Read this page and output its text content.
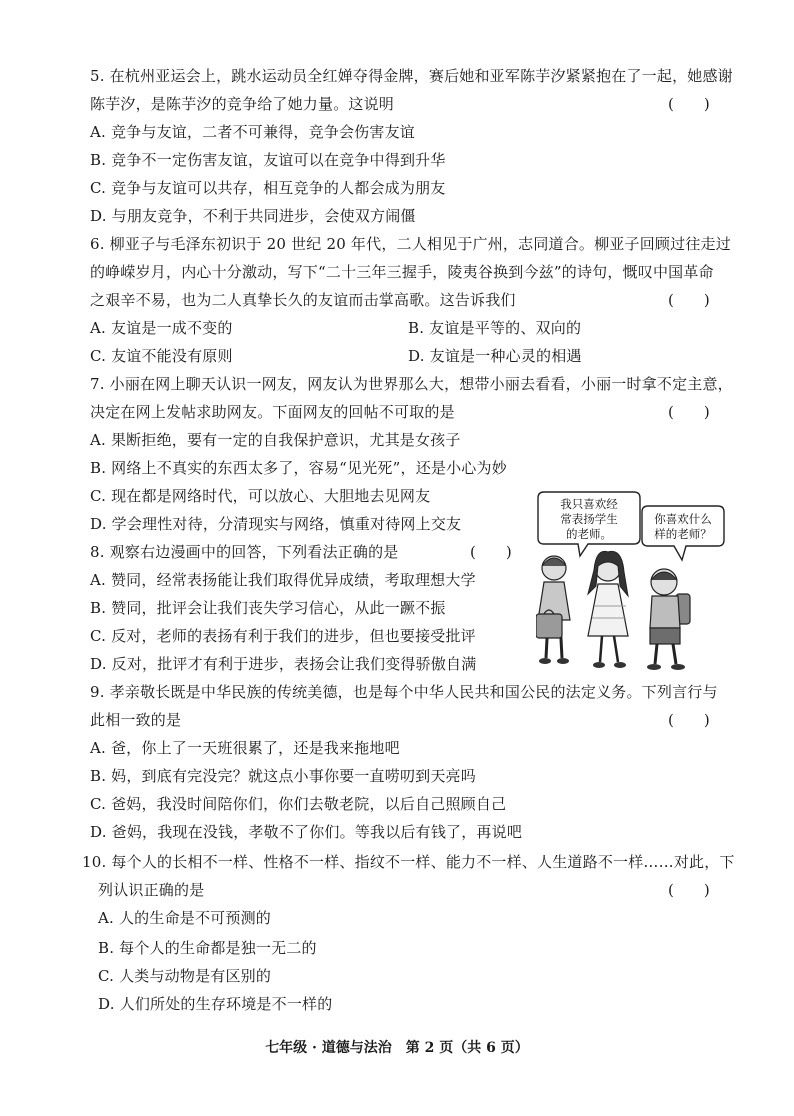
5. 在杭州亚运会上，跳水运动员全红婵夺得金牌，赛后她和亚军陈芋汐紧紧抱在了一起，她感谢
陈芋汐，是陈芋汐的竞争给了她力量。这说明	(　　)
A. 竞争与友谊，二者不可兼得，竞争会伤害友谊
B. 竞争不一定伤害友谊，友谊可以在竞争中得到升华
C. 竞争与友谊可以共存，相互竞争的人都会成为朋友
D. 与朋友竞争，不利于共同进步，会使双方闹僵
6. 柳亚子与毛泽东初识于 20 世纪 20 年代，二人相见于广州，志同道合。柳亚子回顾过往走过
的峥嵘岁月，内心十分激动，写下“二十三年三握手，陵夷谷换到今兹”的诗句，慨叹中国革命
之艰辛不易，也为二人真挚长久的友谊而击掌高歌。这告诉我们	(　　)
A. 友谊是一成不变的	B. 友谊是平等的、双向的
C. 友谊不能没有原则	D. 友谊是一种心灵的相遇
7. 小丽在网上聊天认识一网友，网友认为世界那么大，想带小丽去看看，小丽一时拿不定主意，
决定在网上发帖求助网友。下面网友的回帖不可取的是	(　　)
A. 果断拒绝，要有一定的自我保护意识，尤其是女孩子
B. 网络上不真实的东西太多了，容易“见光死”，还是小心为妙
C. 现在都是网络时代，可以放心、大胆地去见网友
D. 学会理性对待，分清现实与网络，慎重对待网上交友
8. 观察右边漫画中的回答，下列看法正确的是	(　　)
A. 赞同，经常表扬能让我们取得优异成绩，考取理想大学
B. 赞同，批评会让我们丧失学习信心，从此一蹶不振
C. 反对，老师的表扬有利于我们的进步，但也要接受批评
D. 反对，批评才有利于进步，表扬会让我们变得骄傲自满
我只喜欢经
常表扬学生
的老师。
你喜欢什么
样的老师？
9. 孝亲敬长既是中华民族的传统美德，也是每个中华人民共和国公民的法定义务。下列言行与
此相一致的是	(　　)
A. 爸，你上了一天班很累了，还是我来拖地吧
B. 妈，到底有完没完？就这点小事你要一直唠叨到天亮吗
C. 爸妈，我没时间陪你们，你们去敬老院，以后自己照顾自己
D. 爸妈，我现在没钱，孝敬不了你们。等我以后有钱了，再说吧
10. 每个人的长相不一样、性格不一样、指纹不一样、能力不一样、人生道路不一样……对此，下
列认识正确的是	(　　)
A. 人的生命是不可预测的
B. 每个人的生命都是独一无二的
C. 人类与动物是有区别的
D. 人们所处的生存环境是不一样的
七年级 · 道德与法治　第 2 页（共 6 页）
